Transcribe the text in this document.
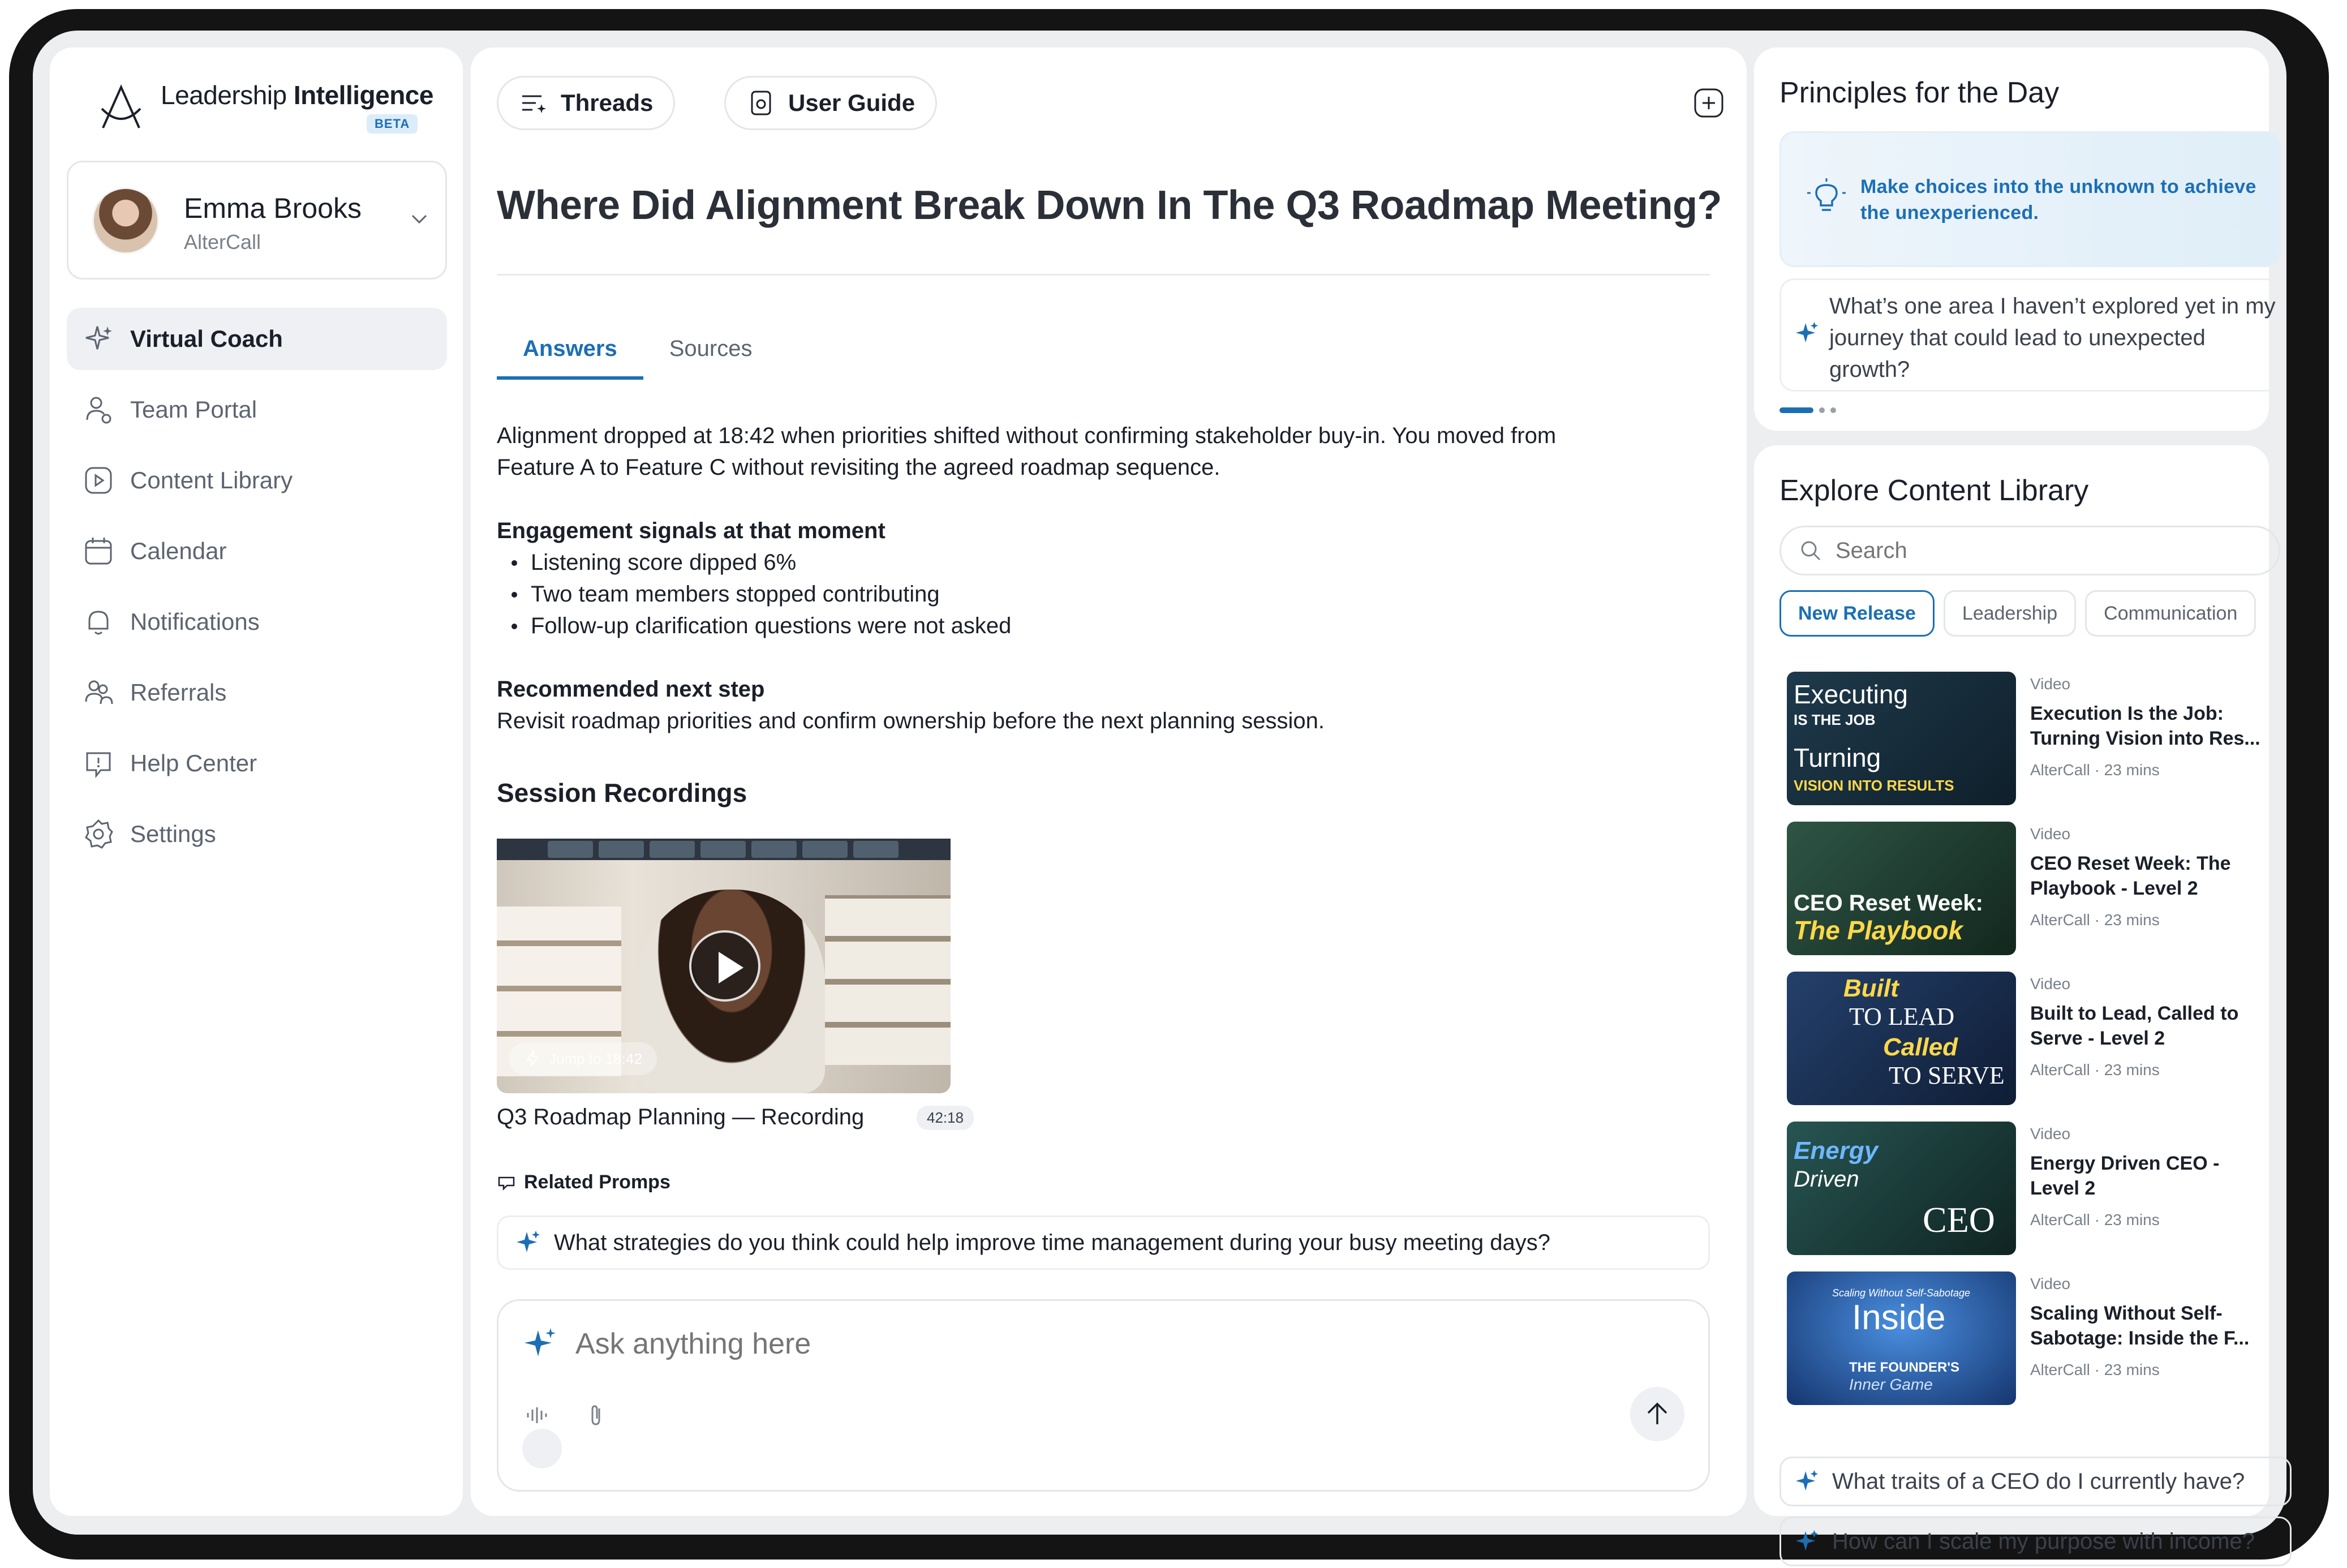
Leadership Intelligence
BETA
Emma Brooks
AlterCall
Virtual Coach
Team Portal
Content Library
Calendar
Notifications
Referrals
Help Center
Settings
Threads	User Guide
Where Did Alignment Break Down In The Q3 Roadmap Meeting?
Answers	Sources

Alignment dropped at 18:42 when priorities shifted without confirming stakeholder buy-in. You moved from

Feature A to Feature C without revisiting the agreed roadmap sequence.

Engagement signals at that moment

Listening score dipped 6%
Two team members stopped contributing
Follow-up clarification questions were not asked

Recommended next step

Revisit roadmap priorities and confirm ownership before the next planning session.

Session Recordings
Jump to 18:42
Q3 Roadmap Planning — Recording	42:18
Related Promps
What strategies do you think could help improve time management during your busy meeting days?
Ask anything here
Principles for the Day
Make choices into the unknown to achieve the unexperienced.
What’s one area I haven’t explored yet in my journey that could lead to unexpected growth?
Explore Content Library
Search
New Release	Leadership	Communication
Executing
IS THE JOB
Turning
VISION INTO RESULTS
Video
Execution Is the Job: Turning Vision into Res...
AlterCall · 23 mins
CEO Reset Week:
The Playbook
Video
CEO Reset Week: The Playbook - Level 2
AlterCall · 23 mins
Built
TO LEAD
Called
TO SERVE
Video
Built to Lead, Called to Serve - Level 2
AlterCall · 23 mins
Energy
Driven
CEO
Video
Energy Driven CEO - Level 2
AlterCall · 23 mins
Scaling Without Self-Sabotage
Inside
THE FOUNDER'S
Inner Game
Video
Scaling Without Self-Sabotage: Inside the F...
AlterCall · 23 mins
What traits of a CEO do I currently have?
How can I scale my purpose with income?
